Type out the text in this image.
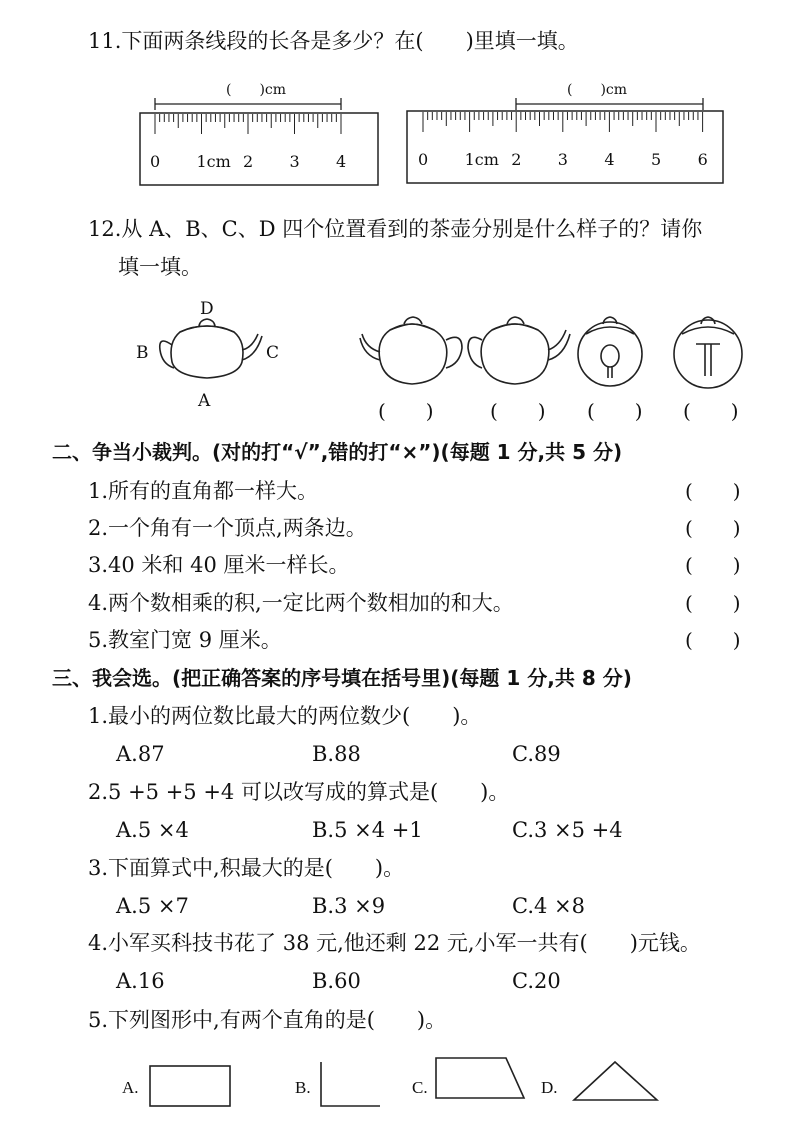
11.下面两条线段的长各是多少？在(　　)里填一填。
(　　)cm
0 1cm 2 3 4
(　　)cm
0 1cm 2 3 4 5 6
12.从 A、B、C、D 四个位置看到的茶壶分别是什么样子的？请你
填一填。
D
B	C
A	(　　)	(　　) (　　) (　　)
二、争当小裁判。(对的打“√”,错的打“×”)(每题 1 分,共 5 分)
1.所有的直角都一样大。	(　　)
2.一个角有一个顶点,两条边。	(　　)
3.40 米和 40 厘米一样长。	(　　)
4.两个数相乘的积,一定比两个数相加的和大。	(　　)
5.教室门宽 9 厘米。	(　　)
三、我会选。(把正确答案的序号填在括号里)(每题 1 分,共 8 分)
1.最小的两位数比最大的两位数少(　　)。
A.87	B.88	C.89
2.5 +5 +5 +4 可以改写成的算式是(　　)。
A.5 ×4	B.5 ×4 +1	C.3 ×5 +4
3.下面算式中,积最大的是(　　)。
A.5 ×7	B.3 ×9	C.4 ×8
4.小军买科技书花了 38 元,他还剩 22 元,小军一共有(　　)元钱。
A.16	B.60	C.20
5.下列图形中,有两个直角的是(　　)。
A.	B.	C.	D.
